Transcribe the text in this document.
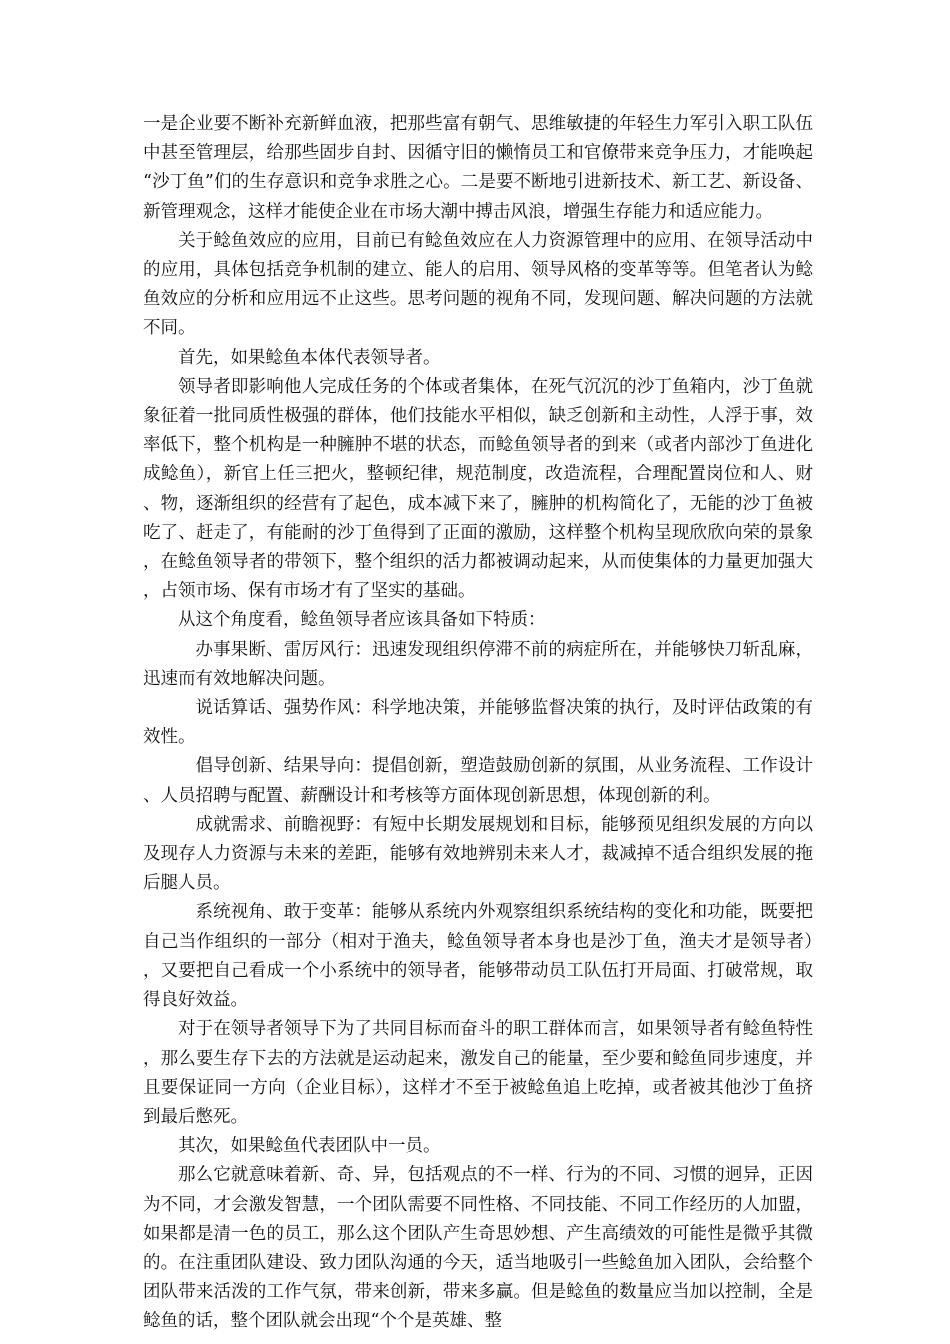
一是企业要不断补充新鲜血液，把那些富有朝气、思维敏捷的年轻生力军引入职工队伍中甚至管理层，给那些固步自封、因循守旧的懒惰员工和官僚带来竞争压力，才能唤起“沙丁鱼”们的生存意识和竞争求胜之心。二是要不断地引进新技术、新工艺、新设备、新管理观念，这样才能使企业在市场大潮中搏击风浪，增强生存能力和适应能力。

关于鲶鱼效应的应用，目前已有鲶鱼效应在人力资源管理中的应用、在领导活动中的应用，具体包括竞争机制的建立、能人的启用、领导风格的变革等等。但笔者认为鲶鱼效应的分析和应用远不止这些。思考问题的视角不同，发现问题、解决问题的方法就不同。

首先，如果鲶鱼本体代表领导者。

领导者即影响他人完成任务的个体或者集体，在死气沉沉的沙丁鱼箱内，沙丁鱼就象征着一批同质性极强的群体，他们技能水平相似，缺乏创新和主动性，人浮于事，效率低下，整个机构是一种臃肿不堪的状态，而鲶鱼领导者的到来（或者内部沙丁鱼进化成鲶鱼），新官上任三把火，整顿纪律，规范制度，改造流程，合理配置岗位和人、财、物，逐渐组织的经营有了起色，成本减下来了，臃肿的机构简化了，无能的沙丁鱼被吃了、赶走了，有能耐的沙丁鱼得到了正面的激励，这样整个机构呈现欣欣向荣的景象，在鲶鱼领导者的带领下，整个组织的活力都被调动起来，从而使集体的力量更加强大，占领市场、保有市场才有了坚实的基础。

从这个角度看，鲶鱼领导者应该具备如下特质：

办事果断、雷厉风行：迅速发现组织停滞不前的病症所在，并能够快刀斩乱麻，迅速而有效地解决问题。

说话算话、强势作风：科学地决策，并能够监督决策的执行，及时评估政策的有效性。

倡导创新、结果导向：提倡创新，塑造鼓励创新的氛围，从业务流程、工作设计、人员招聘与配置、薪酬设计和考核等方面体现创新思想，体现创新的利。

成就需求、前瞻视野：有短中长期发展规划和目标，能够预见组织发展的方向以及现存人力资源与未来的差距，能够有效地辨别未来人才，裁减掉不适合组织发展的拖后腿人员。

系统视角、敢于变革：能够从系统内外观察组织系统结构的变化和功能，既要把自己当作组织的一部分（相对于渔夫，鲶鱼领导者本身也是沙丁鱼，渔夫才是领导者），又要把自己看成一个小系统中的领导者，能够带动员工队伍打开局面、打破常规，取得良好效益。

对于在领导者领导下为了共同目标而奋斗的职工群体而言，如果领导者有鲶鱼特性，那么要生存下去的方法就是运动起来，激发自己的能量，至少要和鲶鱼同步速度，并且要保证同一方向（企业目标），这样才不至于被鲶鱼追上吃掉，或者被其他沙丁鱼挤到最后憋死。

其次，如果鲶鱼代表团队中一员。

那么它就意味着新、奇、异，包括观点的不一样、行为的不同、习惯的迥异，正因为不同，才会激发智慧，一个团队需要不同性格、不同技能、不同工作经历的人加盟，如果都是清一色的员工，那么这个团队产生奇思妙想、产生高绩效的可能性是微乎其微的。在注重团队建设、致力团队沟通的今天，适当地吸引一些鲶鱼加入团队，会给整个团队带来活泼的工作气氛，带来创新，带来多赢。但是鲶鱼的数量应当加以控制，全是鲶鱼的话，整个团队就会出现“个个是英雄、整
